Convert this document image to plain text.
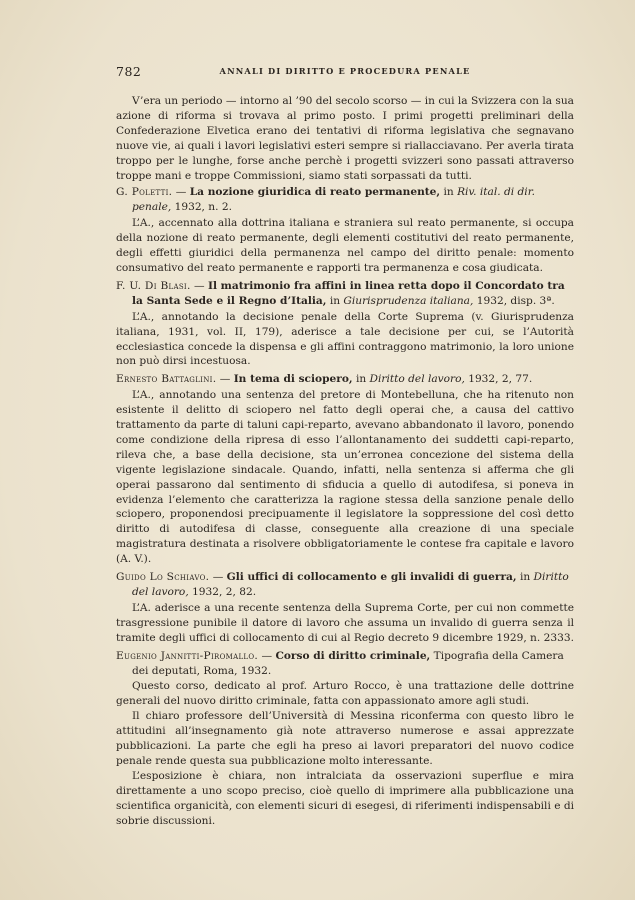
782	ANNALI DI DIRITTO E PROCEDURA PENALE

V’era un periodo — intorno al ’90 del secolo scorso — in cui la Svizzera con la sua azione di riforma si trovava al primo posto. I primi progetti preliminari della Confederazione Elvetica erano dei tentativi di riforma legislativa che segnavano nuove vie, ai quali i lavori legislativi esteri sempre si riallacciavano. Per averla tirata troppo per le lunghe, forse anche perchè i progetti svizzeri sono passati attraverso troppe mani e troppe Commissioni, siamo stati sorpassati da tutti.

G. Poletti. — La nozione giuridica di reato permanente, in Riv. ital. di dir. penale, 1932, n. 2.

L’A., accennato alla dottrina italiana e straniera sul reato permanente, si occupa della nozione di reato permanente, degli elementi costitutivi del reato permanente, degli effetti giuridici della permanenza nel campo del diritto penale: momento consumativo del reato permanente e rapporti tra permanenza e cosa giudicata.

F. U. Di Blasi. — Il matrimonio fra affini in linea retta dopo il Concordato tra la Santa Sede e il Regno d’Italia, in Giurisprudenza italiana, 1932, disp. 3ª.

L’A., annotando la decisione penale della Corte Suprema (v. Giurisprudenza italiana, 1931, vol. II, 179), aderisce a tale decisione per cui, se l’Autorità ecclesiastica concede la dispensa e gli affini contraggono matrimonio, la loro unione non può dirsi incestuosa.

Ernesto Battaglini. — In tema di sciopero, in Diritto del lavoro, 1932, 2, 77.

L’A., annotando una sentenza del pretore di Montebelluna, che ha ritenuto non esistente il delitto di sciopero nel fatto degli operai che, a causa del cattivo trattamento da parte di taluni capi-reparto, avevano abbandonato il lavoro, ponendo come condizione della ripresa di esso l’allontanamento dei suddetti capi-reparto, rileva che, a base della decisione, sta un’erronea concezione del sistema della vigente legislazione sindacale. Quando, infatti, nella sentenza si afferma che gli operai passarono dal sentimento di sfiducia a quello di autodifesa, si poneva in evidenza l’elemento che caratterizza la ragione stessa della sanzione penale dello sciopero, proponendosi precipuamente il legislatore la soppressione del così detto diritto di autodifesa di classe, conseguente alla creazione di una speciale magistratura destinata a risolvere obbligatoriamente le contese fra capitale e lavoro (A. V.).

Guido Lo Schiavo. — Gli uffici di collocamento e gli invalidi di guerra, in Diritto del lavoro, 1932, 2, 82.

L’A. aderisce a una recente sentenza della Suprema Corte, per cui non commette trasgressione punibile il datore di lavoro che assuma un invalido di guerra senza il tramite degli uffici di collocamento di cui al Regio decreto 9 dicembre 1929, n. 2333.

Eugenio Jannitti-Piromallo. — Corso di diritto criminale, Tipografia della Camera dei deputati, Roma, 1932.

Questo corso, dedicato al prof. Arturo Rocco, è una trattazione delle dottrine generali del nuovo diritto criminale, fatta con appassionato amore agli studi.

Il chiaro professore dell’Università di Messina riconferma con questo libro le attitudini all’insegnamento già note attraverso numerose e assai apprezzate pubblicazioni. La parte che egli ha preso ai lavori preparatori del nuovo codice penale rende questa sua pubblicazione molto interessante.

L’esposizione è chiara, non intralciata da osservazioni superflue e mira direttamente a uno scopo preciso, cioè quello di imprimere alla pubblicazione una scientifica organicità, con elementi sicuri di esegesi, di riferimenti indispensabili e di sobrie discussioni.
